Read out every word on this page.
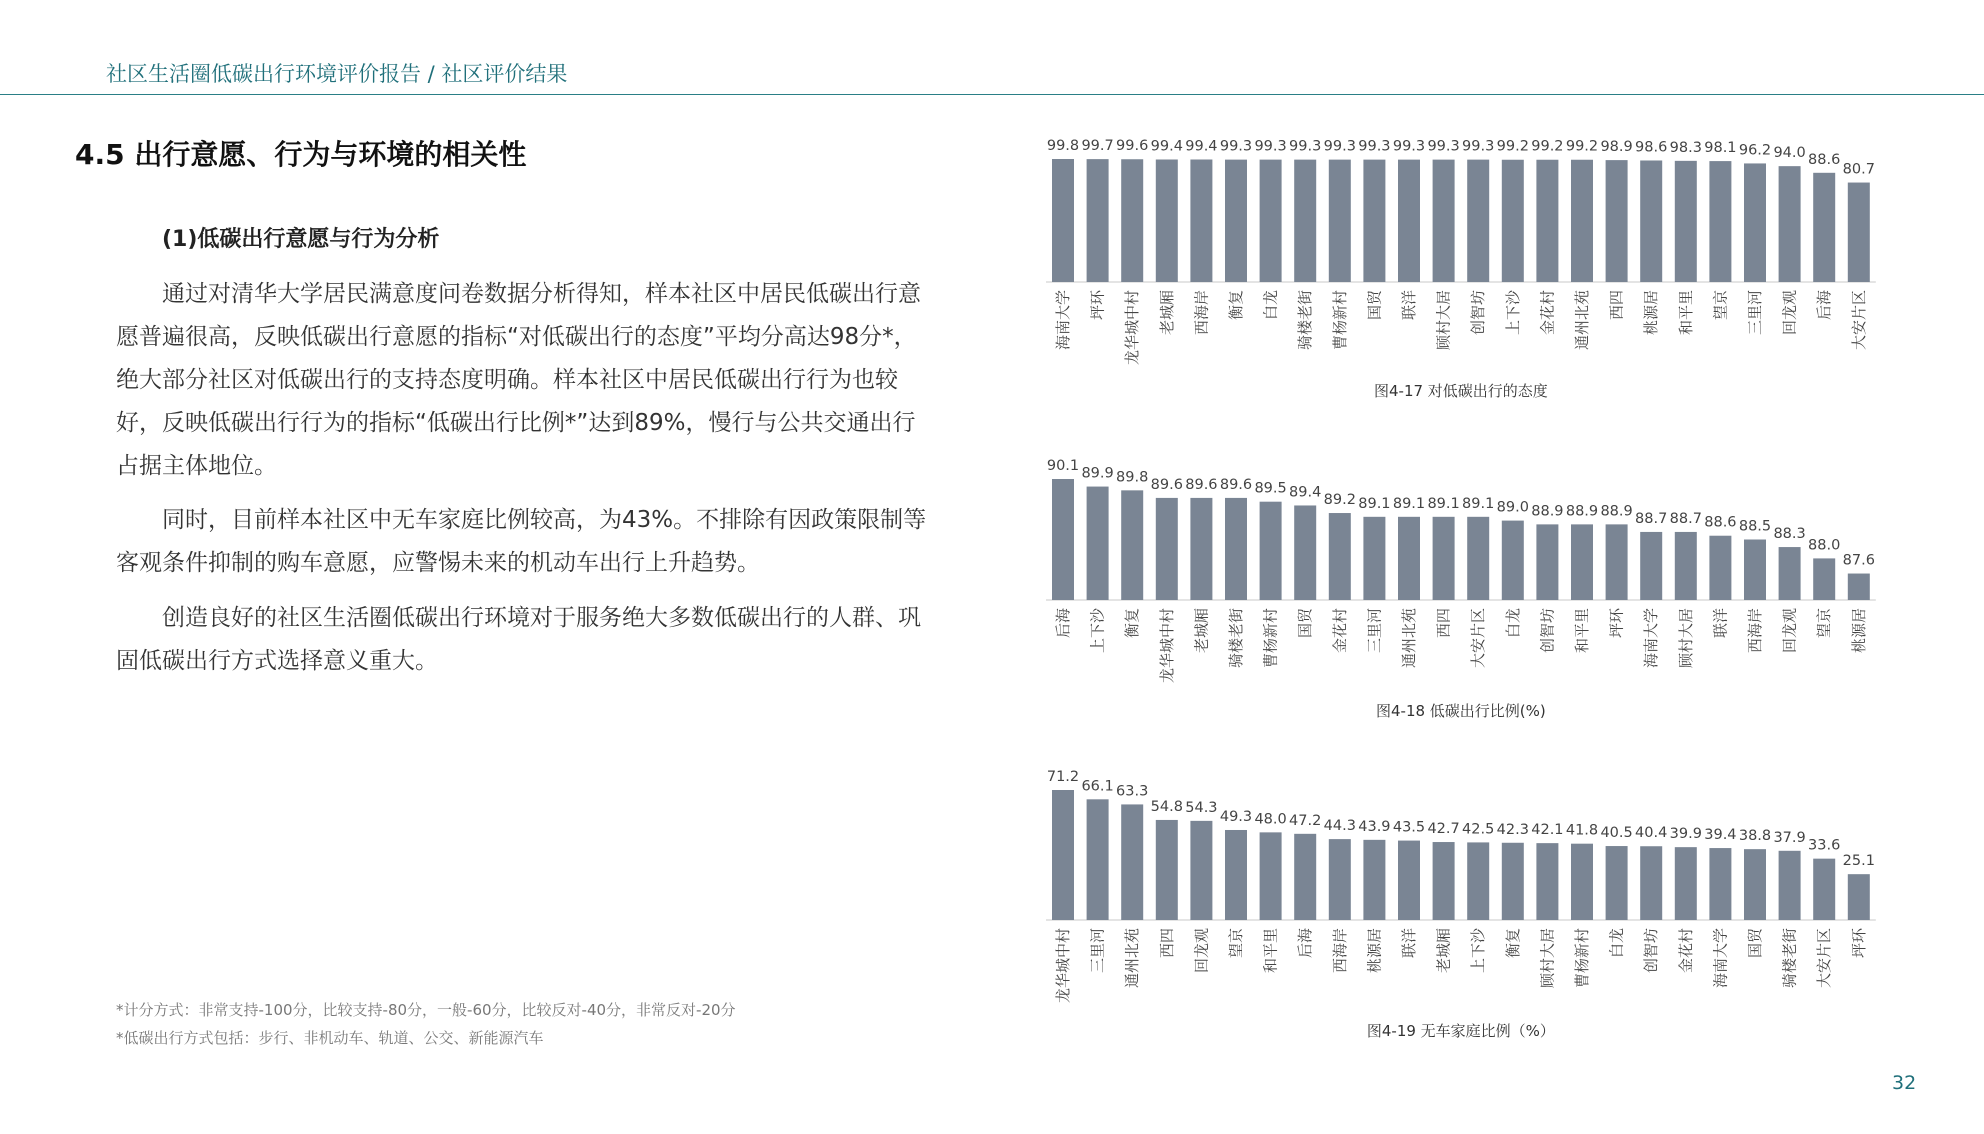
社区生活圈低碳出行环境评价报告 / 社区评价结果
4.5 出行意愿、行为与环境的相关性
(1)低碳出行意愿与行为分析

通过对清华大学居民满意度问卷数据分析得知，样本社区中居民低碳出行意愿普遍很高，反映低碳出行意愿的指标“对低碳出行的态度”平均分高达98分*，绝大部分社区对低碳出行的支持态度明确。样本社区中居民低碳出行行为也较好，反映低碳出行行为的指标“低碳出行比例*”达到89%，慢行与公共交通出行占据主体地位。

同时，目前样本社区中无车家庭比例较高，为43%。不排除有因政策限制等客观条件抑制的购车意愿，应警惕未来的机动车出行上升趋势。

创造良好的社区生活圈低碳出行环境对于服务绝大多数低碳出行的人群、巩固低碳出行方式选择意义重大。

*计分方式：非常支持-100分，比较支持-80分，一般-60分，比较反对-40分，非常反对-20分
*低碳出行方式包括：步行、非机动车、轨道、公交、新能源汽车
32
99.8
海南大学
99.7
坪环
99.6
龙华城中村
99.4
老城厢
99.4
西海岸
99.3
衡复
99.3
白龙
99.3
骑楼老街
99.3
曹杨新村
99.3
国贸
99.3
联洋
99.3
顾村大居
99.3
创智坊
99.2
上下沙
99.2
金花村
99.2
通州北苑
98.9
西四
98.6
桃源居
98.3
和平里
98.1
望京
96.2
三里河
94.0
回龙观
88.6
后海
80.7
大安片区
图4-17 对低碳出行的态度
90.1
后海
89.9
上下沙
89.8
衡复
89.6
龙华城中村
89.6
老城厢
89.6
骑楼老街
89.5
曹杨新村
89.4
国贸
89.2
金花村
89.1
三里河
89.1
通州北苑
89.1
西四
89.1
大安片区
89.0
白龙
88.9
创智坊
88.9
和平里
88.9
坪环
88.7
海南大学
88.7
顾村大居
88.6
联洋
88.5
西海岸
88.3
回龙观
88.0
望京
87.6
桃源居
图4-18 低碳出行比例(%)
71.2
龙华城中村
66.1
三里河
63.3
通州北苑
54.8
西四
54.3
回龙观
49.3
望京
48.0
和平里
47.2
后海
44.3
西海岸
43.9
桃源居
43.5
联洋
42.7
老城厢
42.5
上下沙
42.3
衡复
42.1
顾村大居
41.8
曹杨新村
40.5
白龙
40.4
创智坊
39.9
金花村
39.4
海南大学
38.8
国贸
37.9
骑楼老街
33.6
大安片区
25.1
坪环
图4-19 无车家庭比例（%）
